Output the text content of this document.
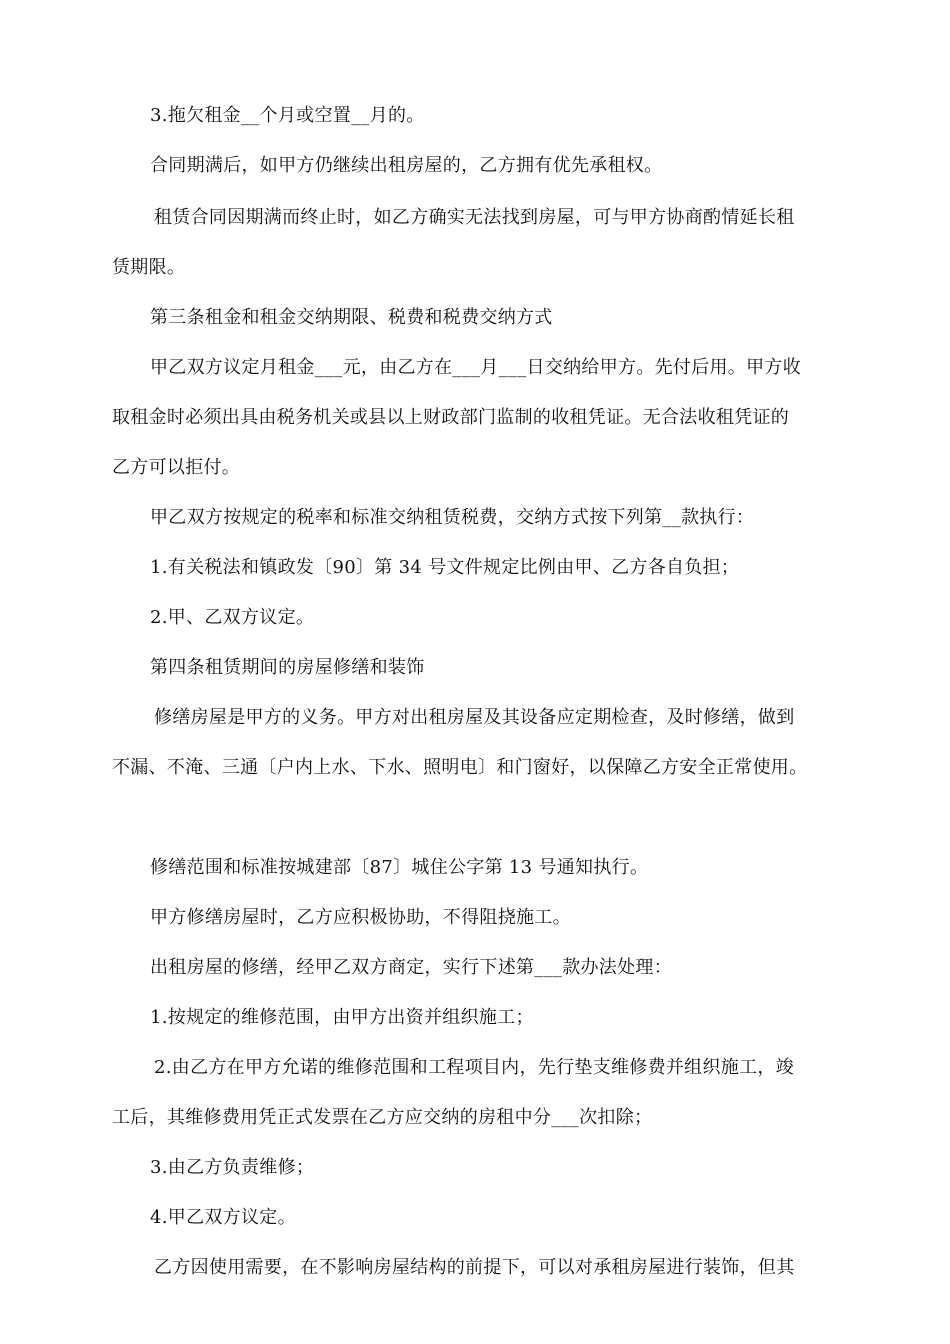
3.拖欠租金__个月或空置__月的。
合同期满后，如甲方仍继续出租房屋的，乙方拥有优先承租权。
租赁合同因期满而终止时，如乙方确实无法找到房屋，可与甲方协商酌情延长租
赁期限。
第三条租金和租金交纳期限、税费和税费交纳方式
甲乙双方议定月租金___元，由乙方在___月___日交纳给甲方。先付后用。甲方收
取租金时必须出具由税务机关或县以上财政部门监制的收租凭证。无合法收租凭证的
乙方可以拒付。
甲乙双方按规定的税率和标准交纳租赁税费，交纳方式按下列第__款执行：
1.有关税法和镇政发〔90〕第 34 号文件规定比例由甲、乙方各自负担；
2.甲、乙双方议定。
第四条租赁期间的房屋修缮和装饰
修缮房屋是甲方的义务。甲方对出租房屋及其设备应定期检查，及时修缮，做到
不漏、不淹、三通〔户内上水、下水、照明电〕和门窗好，以保障乙方安全正常使用。
修缮范围和标准按城建部〔87〕城住公字第 13 号通知执行。
甲方修缮房屋时，乙方应积极协助，不得阻挠施工。
出租房屋的修缮，经甲乙双方商定，实行下述第___款办法处理：
1.按规定的维修范围，由甲方出资并组织施工；
2.由乙方在甲方允诺的维修范围和工程项目内，先行垫支维修费并组织施工，竣
工后，其维修费用凭正式发票在乙方应交纳的房租中分___次扣除；
3.由乙方负责维修；
4.甲乙双方议定。
乙方因使用需要，在不影响房屋结构的前提下，可以对承租房屋进行装饰，但其
